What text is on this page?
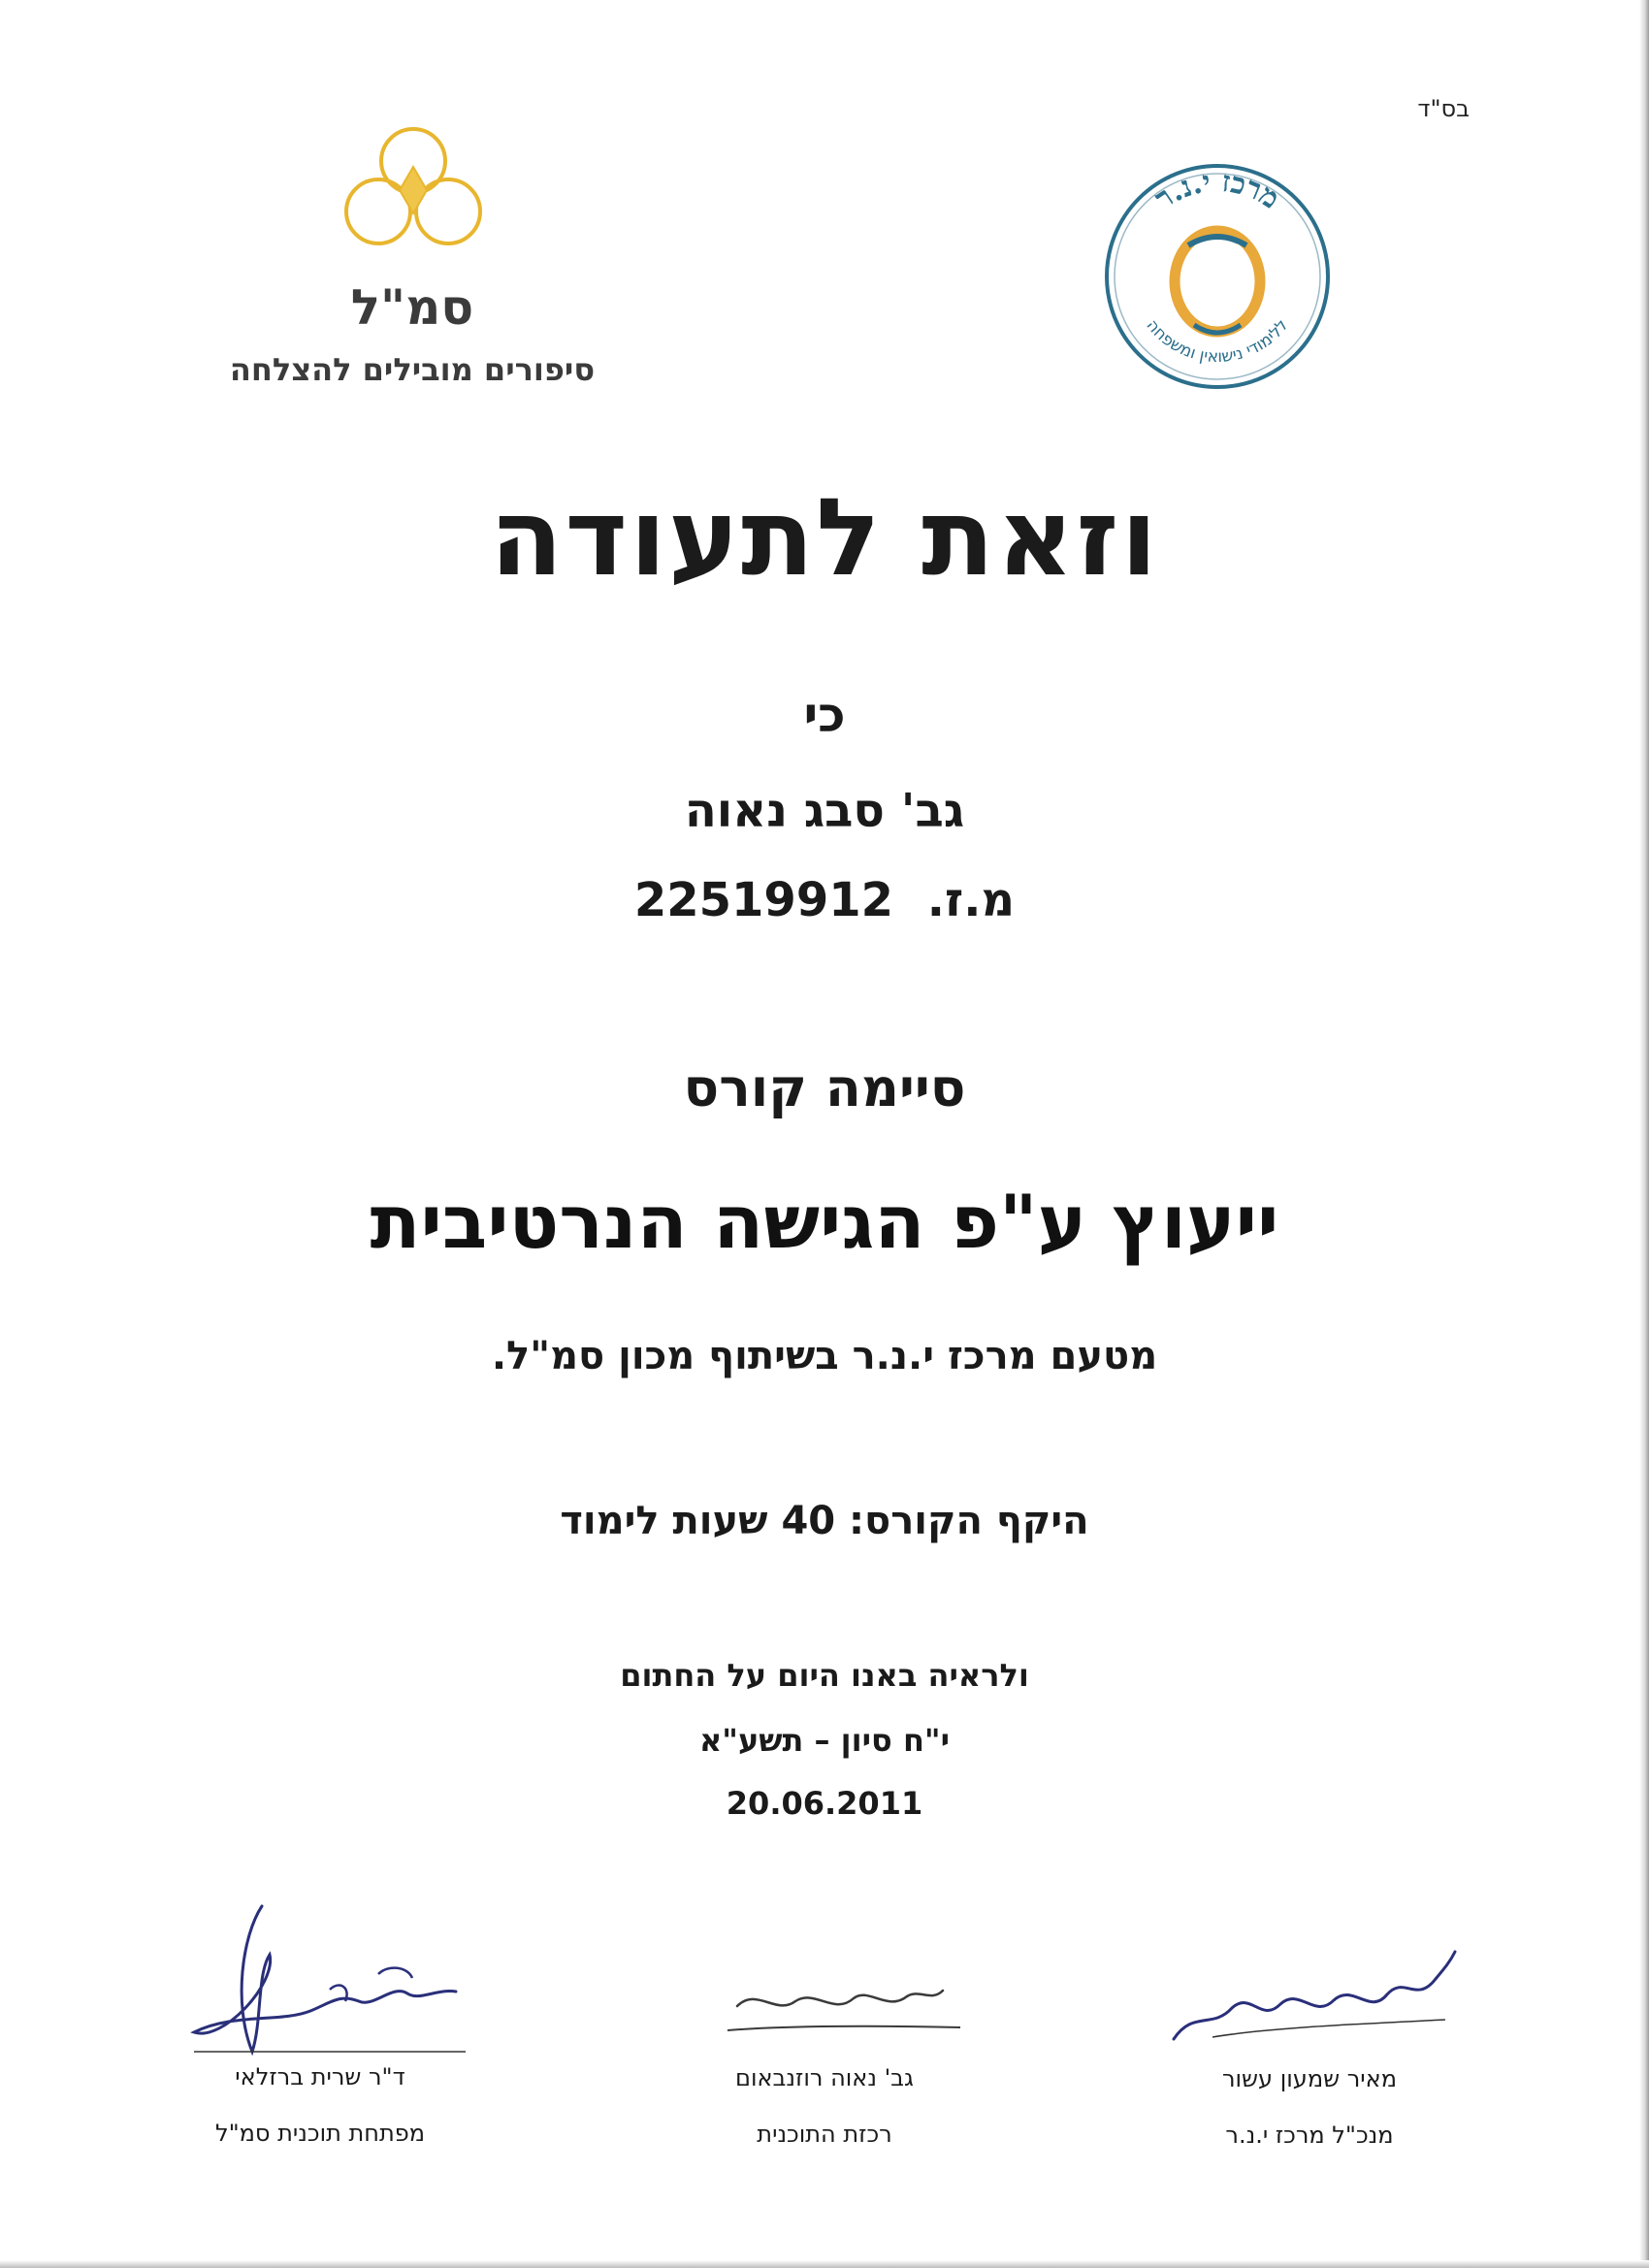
בס"ד
סמ"ל
סיפורים מובילים להצלחה
מרכז י.נ.ר
ללימודי נישואין ומשפחה
וזאת לתעודה
כי
גב' סבג נאוה
מ.ז. 22519912
סיימה קורס
ייעוץ ע"פ הגישה הנרטיבית
מטעם מרכז י.נ.ר בשיתוף מכון סמ"ל.
היקף הקורס: 40 שעות לימוד
ולראיה באנו היום על החתום
י"ח סיון – תשע"א
20.06.2011
ד"ר שרית ברזלאי
מפתחת תוכנית סמ"ל
גב' נאוה רוזנבאום
רכזת התוכנית
מאיר שמעון עשור
מנכ"ל מרכז י.נ.ר
